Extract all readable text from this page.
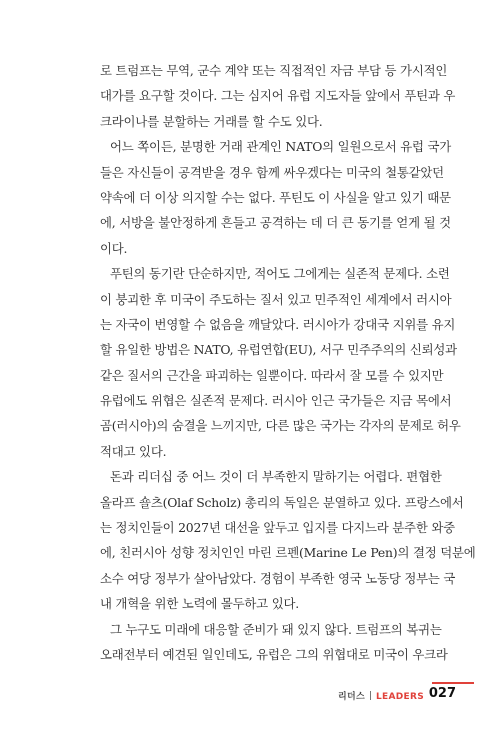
로 트럼프는 무역, 군수 계약 또는 직접적인 자금 부담 등 가시적인
대가를 요구할 것이다. 그는 심지어 유럽 지도자들 앞에서 푸틴과 우
크라이나를 분할하는 거래를 할 수도 있다.
어느 쪽이든, 분명한 거래 관계인 NATO의 일원으로서 유럽 국가
들은 자신들이 공격받을 경우 함께 싸우겠다는 미국의 철통같았던
약속에 더 이상 의지할 수는 없다. 푸틴도 이 사실을 알고 있기 때문
에, 서방을 불안정하게 흔들고 공격하는 데 더 큰 동기를 얻게 될 것
이다.
푸틴의 동기란 단순하지만, 적어도 그에게는 실존적 문제다. 소련
이 붕괴한 후 미국이 주도하는 질서 있고 민주적인 세계에서 러시아
는 자국이 번영할 수 없음을 깨달았다. 러시아가 강대국 지위를 유지
할 유일한 방법은 NATO, 유럽연합(EU), 서구 민주주의의 신뢰성과
같은 질서의 근간을 파괴하는 일뿐이다. 따라서 잘 모를 수 있지만
유럽에도 위협은 실존적 문제다. 러시아 인근 국가들은 지금 목에서
곰(러시아)의 숨결을 느끼지만, 다른 많은 국가는 각자의 문제로 허우
적대고 있다.
돈과 리더십 중 어느 것이 더 부족한지 말하기는 어렵다. 편협한
올라프 숄츠(Olaf Scholz) 총리의 독일은 분열하고 있다. 프랑스에서
는 정치인들이 2027년 대선을 앞두고 입지를 다지느라 분주한 와중
에, 친러시아 성향 정치인인 마린 르펜(Marine Le Pen)의 결정 덕분에
소수 여당 정부가 살아남았다. 경험이 부족한 영국 노동당 정부는 국
내 개혁을 위한 노력에 몰두하고 있다.
그 누구도 미래에 대응할 준비가 돼 있지 않다. 트럼프의 복귀는
오래전부터 예견된 일인데도, 유럽은 그의 위협대로 미국이 우크라
리더스 LEADERS 027
